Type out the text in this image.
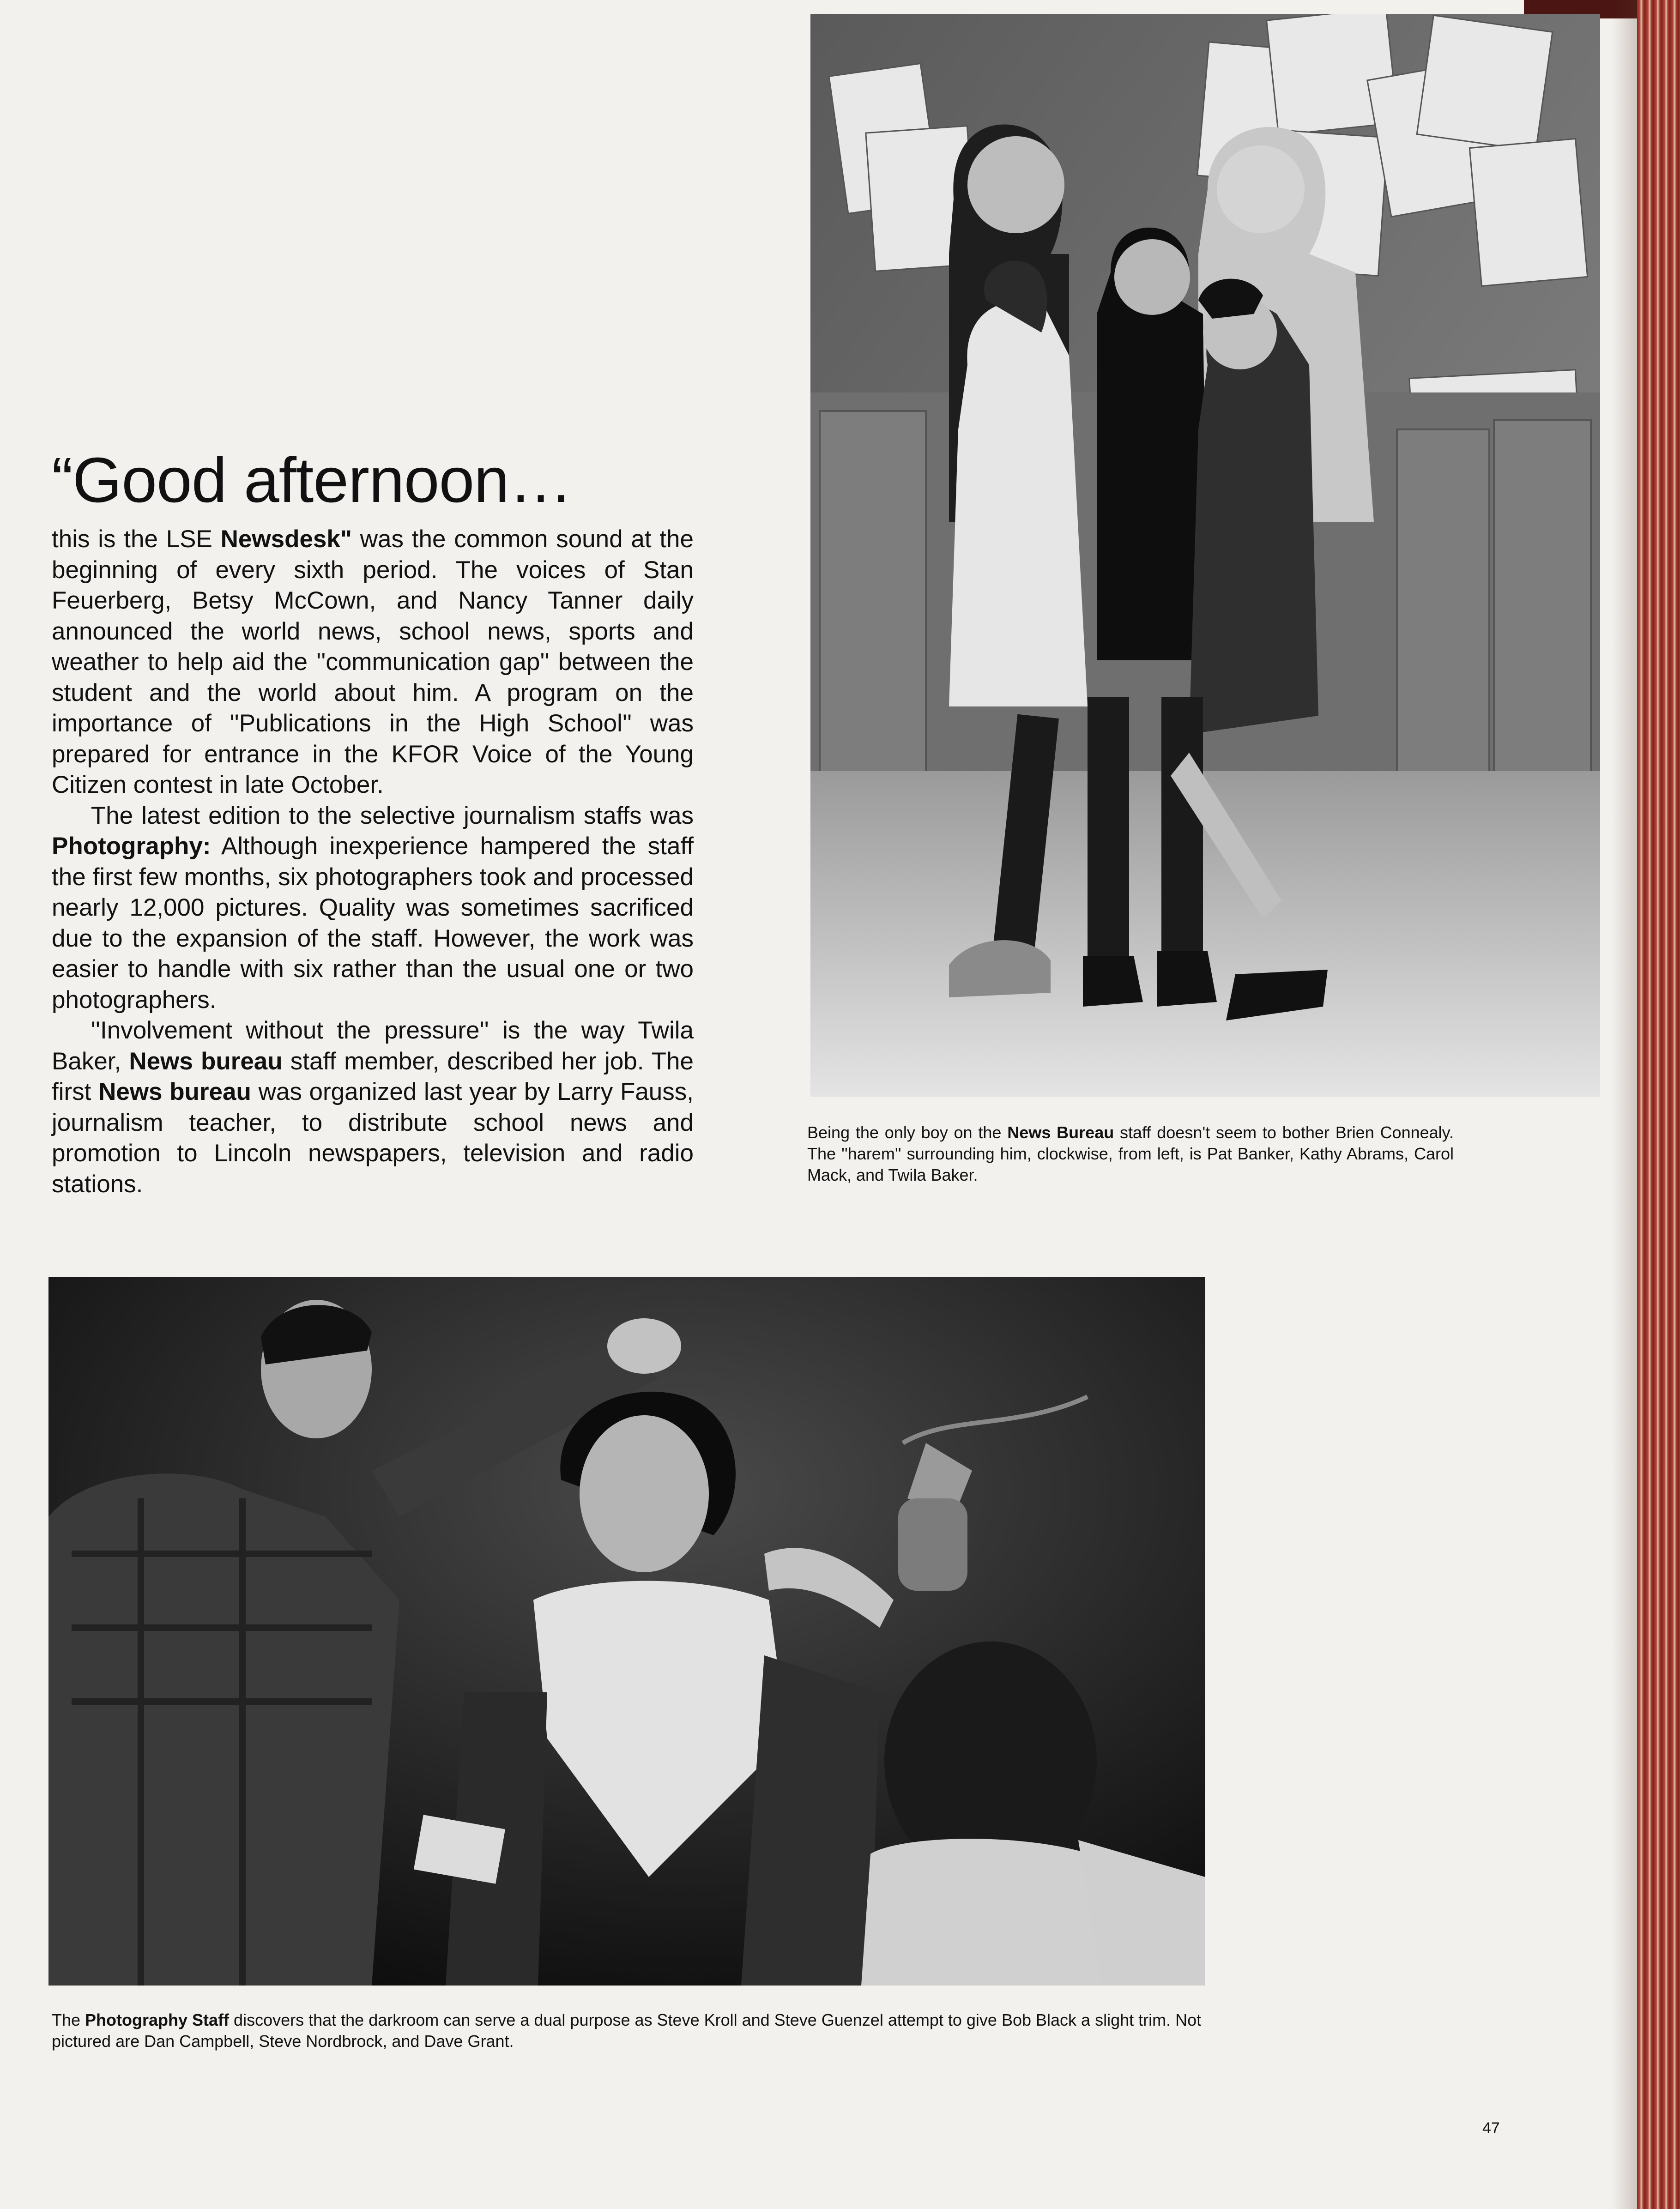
“Good afternoon…

this is the LSE Newsdesk" was the common sound at the beginning of every sixth period. The voices of Stan Feuerberg, Betsy McCown, and Nancy Tanner daily announced the world news, school news, sports and weather to help aid the ''communication gap'' between the student and the world about him. A program on the importance of ''Publications in the High School'' was prepared for entrance in the KFOR Voice of the Young Citizen contest in late October.

The latest edition to the selective journalism staffs was Photography: Although inexperience hampered the staff the first few months, six photographers took and processed nearly 12,000 pictures. Quality was sometimes sacrificed due to the expansion of the staff. However, the work was easier to handle with six rather than the usual one or two photographers.

''Involvement without the pressure'' is the way Twila Baker, News bureau staff member, described her job. The first News bureau was organized last year by Larry Fauss, journalism teacher, to distribute school news and promotion to Lincoln newspapers, television and radio stations.

Being the only boy on the News Bureau staff doesn't seem to bother Brien Connealy. The ''harem'' surrounding him, clockwise, from left, is Pat Banker, Kathy Abrams, Carol Mack, and Twila Baker.

The Photography Staff discovers that the darkroom can serve a dual purpose as Steve Kroll and Steve Guenzel attempt to give Bob Black a slight trim. Not pictured are Dan Campbell, Steve Nordbrock, and Dave Grant.

47
